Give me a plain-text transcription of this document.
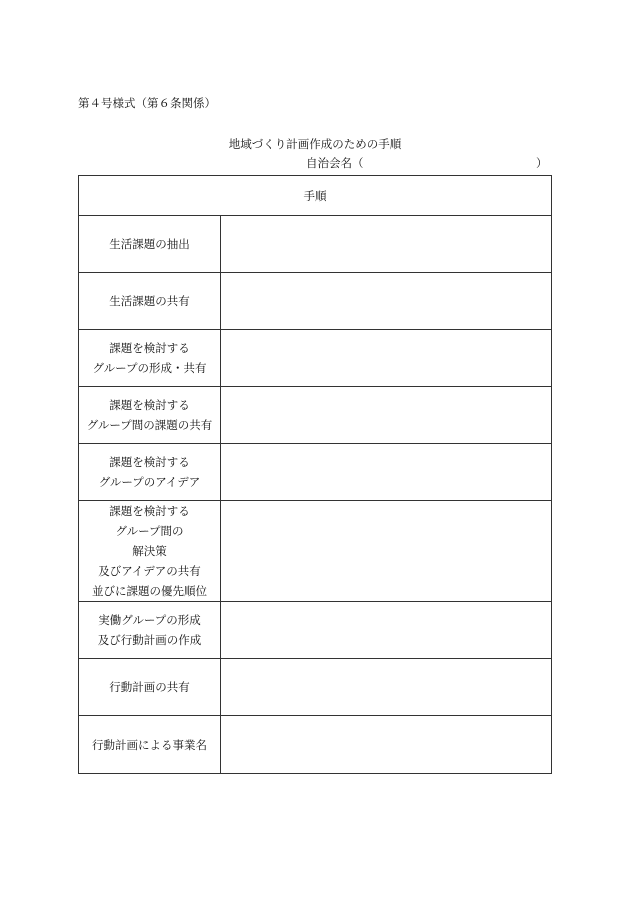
第４号様式（第６条関係）
地域づくり計画作成のための手順
自治会名（	）
手順	

生活課題の抽出	

生活課題の共有	

課題を検討する
グループの形成・共有	

課題を検討する
グループ間の課題の共有	

課題を検討する
グループのアイデア	

課題を検討する
グループ間の
解決策
及びアイデアの共有
並びに課題の優先順位	

実働グループの形成
及び行動計画の作成	

行動計画の共有	

行動計画による事業名	
